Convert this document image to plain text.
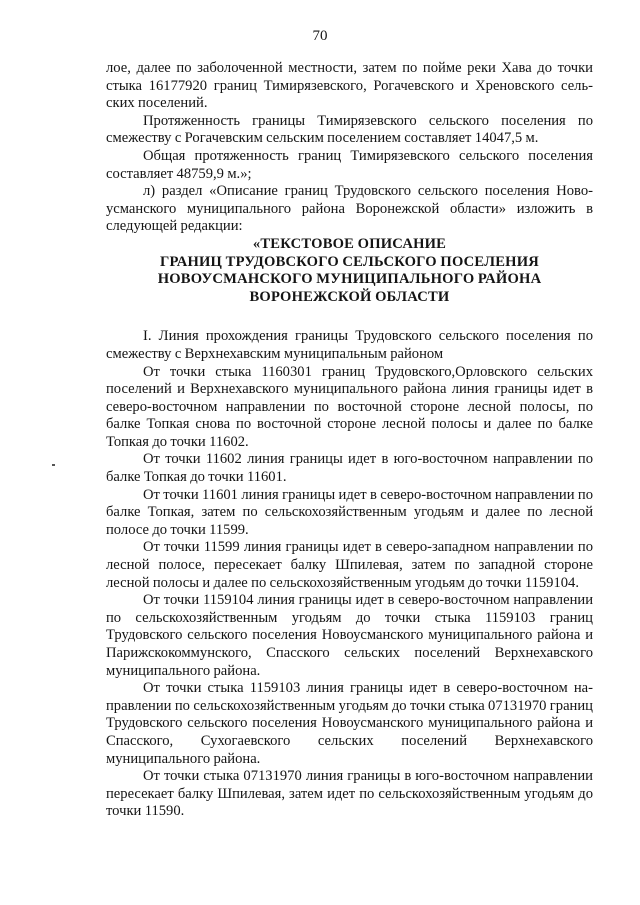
70

лое, далее по заболоченной местности, затем по пойме реки Хава до точки стыка 16177920 границ Тимирязевского, Рогачевского и Хреновского сельских поселений.

Протяженность границы Тимирязевского сельского поселения по смежеству с Рогачевским сельским поселением составляет 14047,5 м.

Общая протяженность границ Тимирязевского сельского поселения составляет 48759,9 м.»;

л) раздел «Описание границ Трудовского сельского поселения Новоусманского муниципального района Воронежской области» изложить в следующей редакции:

«ТЕКСТОВОЕ ОПИСАНИЕ
ГРАНИЦ ТРУДОВСКОГО СЕЛЬСКОГО ПОСЕЛЕНИЯ
НОВОУСМАНСКОГО МУНИЦИПАЛЬНОГО РАЙОНА
ВОРОНЕЖСКОЙ ОБЛАСТИ

I. Линия прохождения границы Трудовского сельского поселения по смежеству с Верхнехавским муниципальным районом

От точки стыка 1160301 границ Трудовского,Орловского сельских поселений и Верхнехавского муниципального района линия границы идет в северо-восточном направлении по восточной стороне лесной полосы, по балке Топкая снова по восточной стороне лесной полосы и далее по балке Топкая до точки 11602.

От точки 11602 линия границы идет в юго-восточном направлении по балке Топкая до точки 11601.

От точки 11601 линия границы идет в северо-восточном направлении по балке Топкая, затем по сельскохозяйственным угодьям и далее по лесной полосе до точки 11599.

От точки 11599 линия границы идет в северо-западном направлении по лесной полосе, пересекает балку Шпилевая, затем по западной стороне лесной полосы и далее по сельскохозяйственным угодьям до точки 1159104.

От точки 1159104 линия границы идет в северо-восточном направлении по сельскохозяйственным угодьям до точки стыка 1159103 границ Трудовского сельского поселения Новоусманского муниципального района и Парижскокоммунского, Спасского сельских поселений Верхнехавского муниципального района.

От точки стыка 1159103 линия границы идет в северо-восточном направлении по сельскохозяйственным угодьям до точки стыка 07131970 границ Трудовского сельского поселения Новоусманского муниципального района и Спасского, Сухогаевского сельских поселений Верхнехавского муниципального района.

От точки стыка 07131970 линия границы в юго-восточном направлении пересекает балку Шпилевая, затем идет по сельскохозяйственным угодьям до точки 11590.
